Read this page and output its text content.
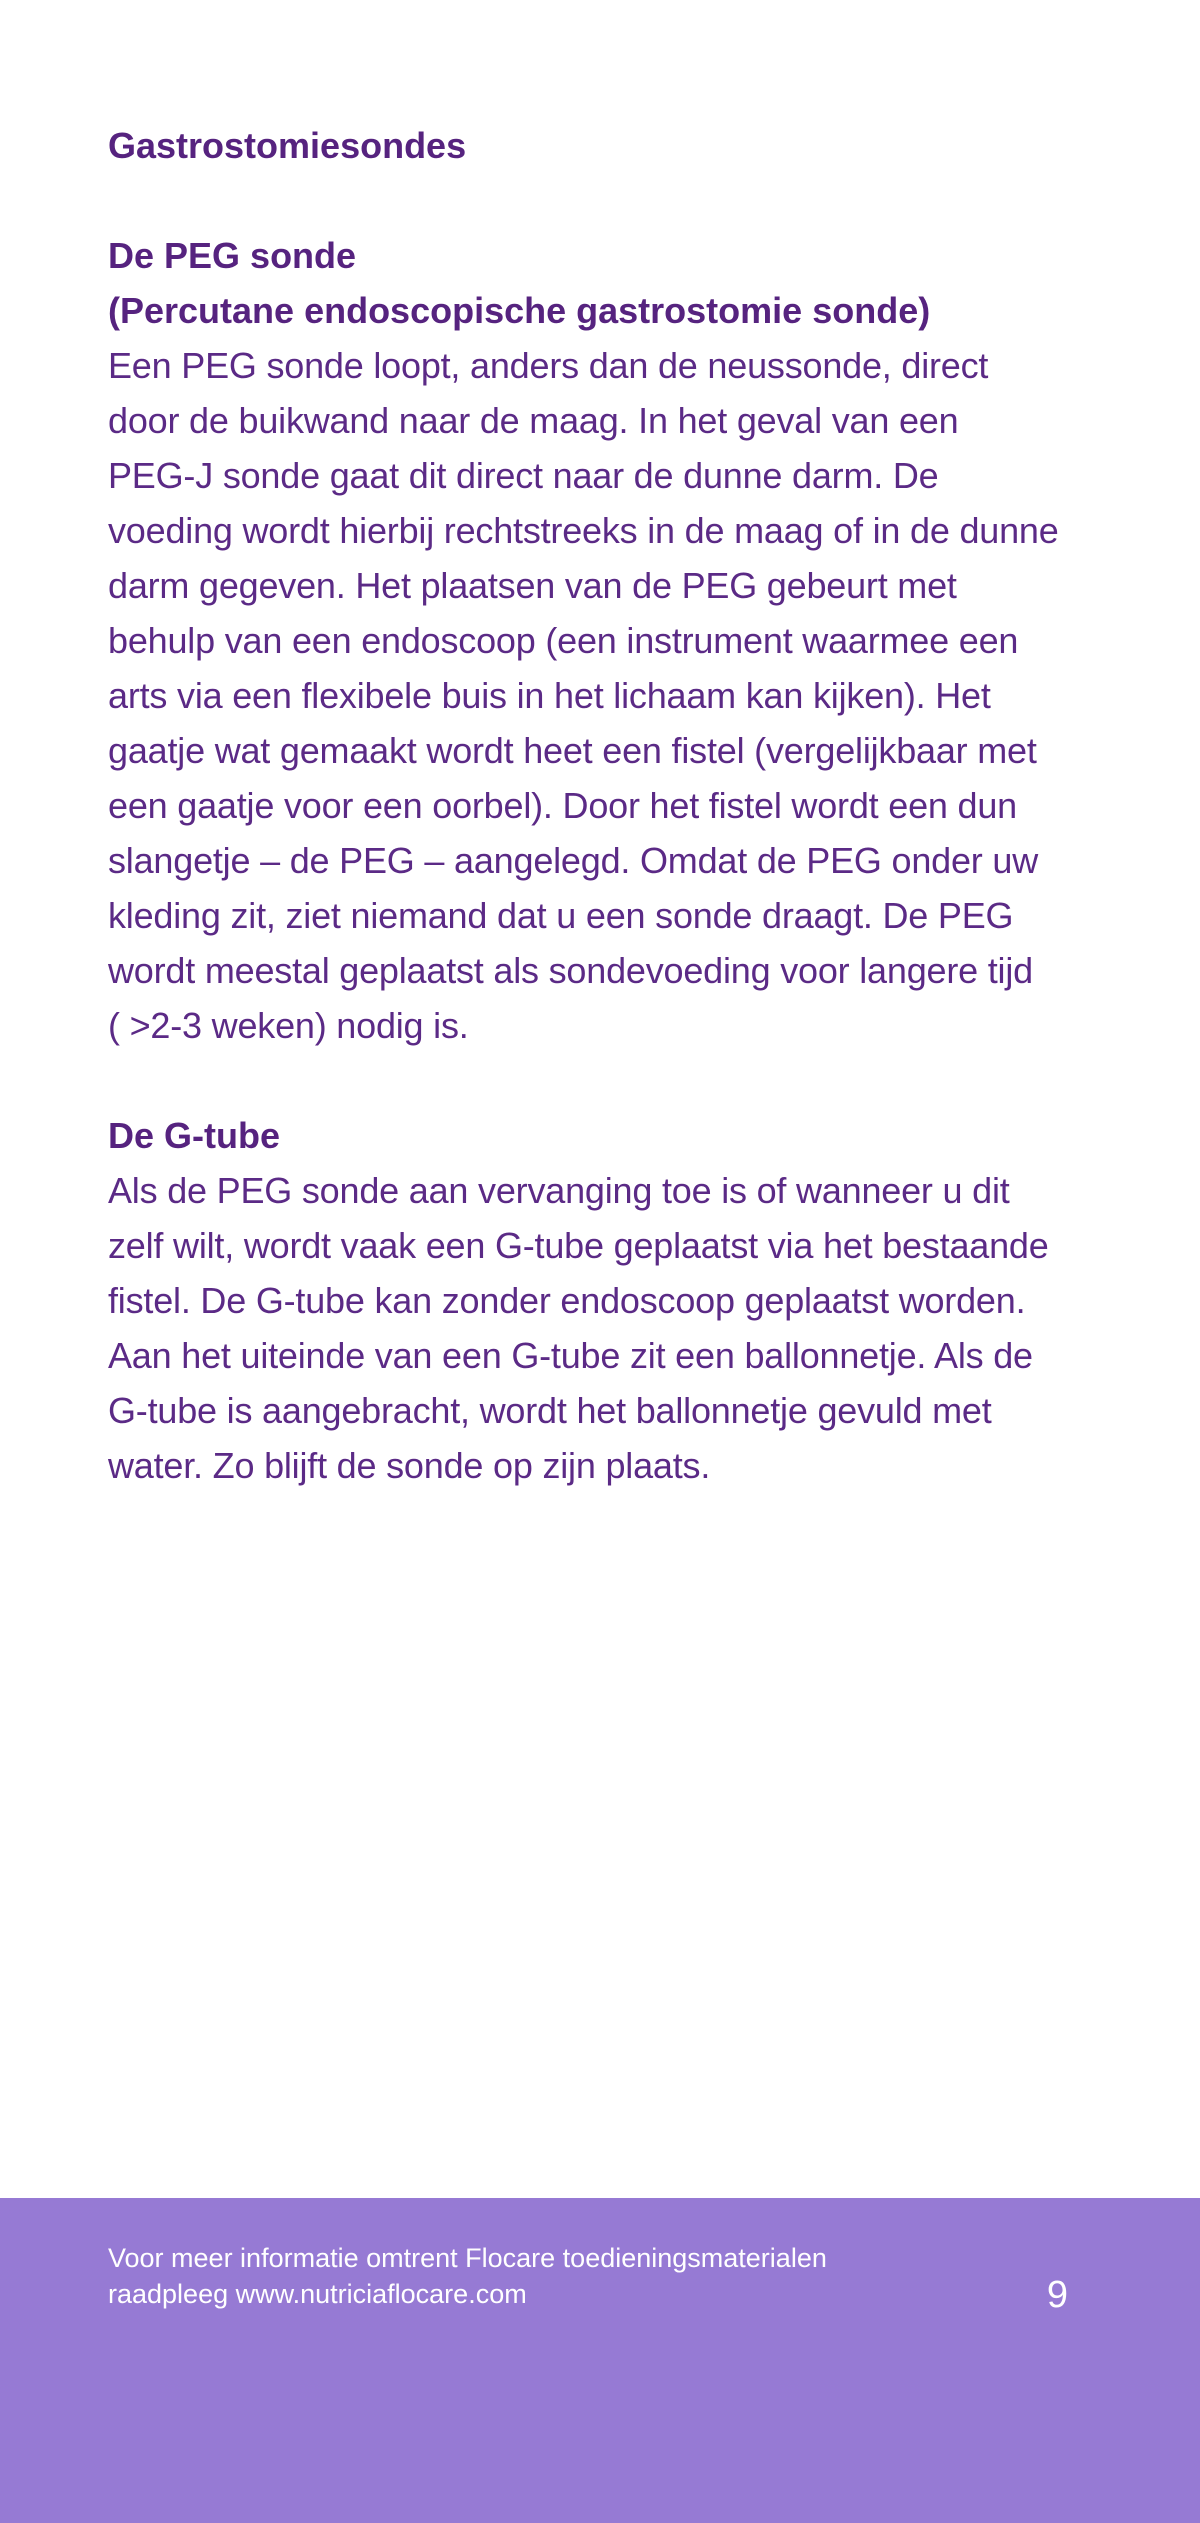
Gastrostomiesondes

De PEG sonde

(Percutane endoscopische gastrostomie sonde)

Een PEG sonde loopt, anders dan de neussonde, direct
door de buikwand naar de maag. In het geval van een
PEG-J sonde gaat dit direct naar de dunne darm. De
voeding wordt hierbij rechtstreeks in de maag of in de dunne
darm gegeven. Het plaatsen van de PEG gebeurt met
behulp van een endoscoop (een instrument waarmee een
arts via een flexibele buis in het lichaam kan kijken). Het
gaatje wat gemaakt wordt heet een fistel (vergelijkbaar met
een gaatje voor een oorbel). Door het fistel wordt een dun
slangetje – de PEG – aangelegd. Omdat de PEG onder uw
kleding zit, ziet niemand dat u een sonde draagt. De PEG
wordt meestal geplaatst als sondevoeding voor langere tijd
( >2-3 weken) nodig is.

De G-tube

Als de PEG sonde aan vervanging toe is of wanneer u dit
zelf wilt, wordt vaak een G-tube geplaatst via het bestaande
fistel. De G-tube kan zonder endoscoop geplaatst worden.
Aan het uiteinde van een G-tube zit een ballonnetje. Als de
G-tube is aangebracht, wordt het ballonnetje gevuld met
water. Zo blijft de sonde op zijn plaats.
Voor meer informatie omtrent Flocare toedieningsmaterialen
raadpleeg www.nutriciaflocare.com	9
